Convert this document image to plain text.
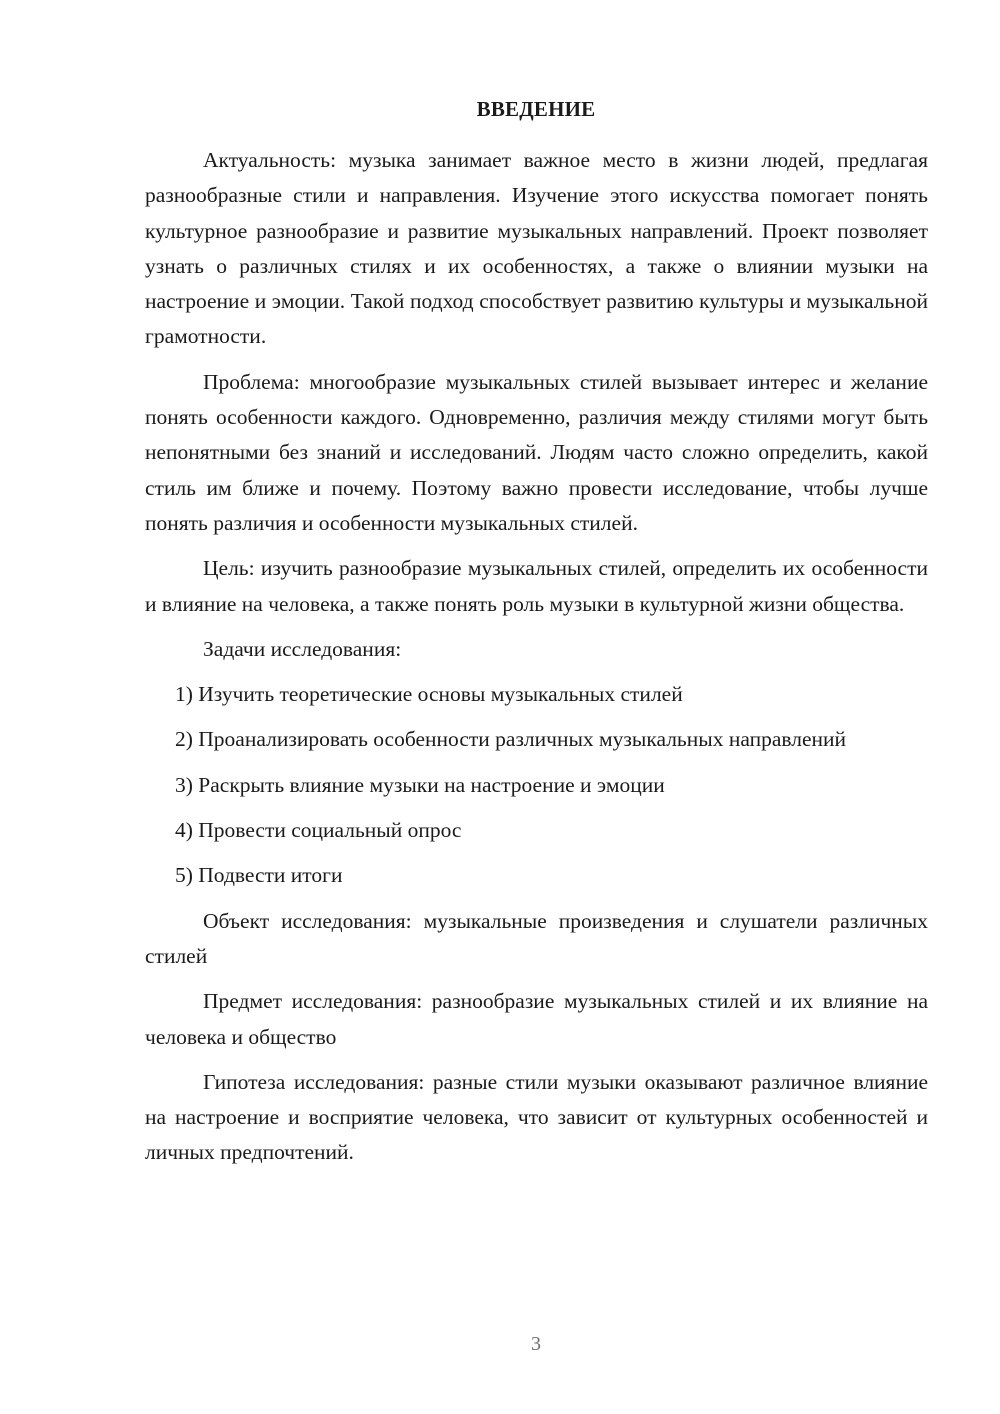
ВВЕДЕНИЕ

Актуальность: музыка занимает важное место в жизни людей, предлагая разнообразные стили и направления. Изучение этого искусства помогает понять культурное разнообразие и развитие музыкальных направлений. Проект позволяет узнать о различных стилях и их особенностях, а также о влиянии музыки на настроение и эмоции. Такой подход способствует развитию культуры и музыкальной грамотности.

Проблема: многообразие музыкальных стилей вызывает интерес и желание понять особенности каждого. Одновременно, различия между стилями могут быть непонятными без знаний и исследований. Людям часто сложно определить, какой стиль им ближе и почему. Поэтому важно провести исследование, чтобы лучше понять различия и особенности музыкальных стилей.

Цель: изучить разнообразие музыкальных стилей, определить их особенности и влияние на человека, а также понять роль музыки в культурной жизни общества.

Задачи исследования:

1) Изучить теоретические основы музыкальных стилей

2) Проанализировать особенности различных музыкальных направлений

3) Раскрыть влияние музыки на настроение и эмоции

4) Провести социальный опрос

5) Подвести итоги

Объект исследования: музыкальные произведения и слушатели различных стилей

Предмет исследования: разнообразие музыкальных стилей и их влияние на человека и общество

Гипотеза исследования: разные стили музыки оказывают различное влияние на настроение и восприятие человека, что зависит от культурных особенностей и личных предпочтений.

3
